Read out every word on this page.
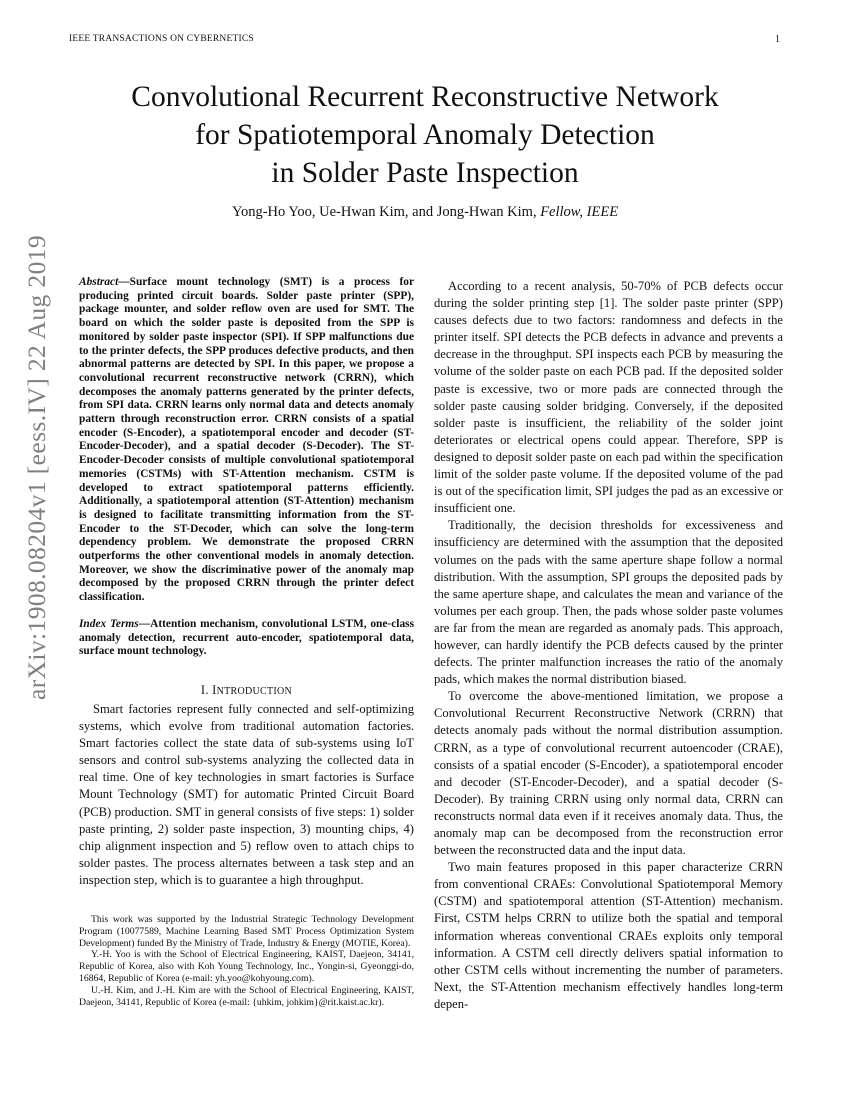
IEEE TRANSACTIONS ON CYBERNETICS	1
arXiv:1908.08204v1 [eess.IV] 22 Aug 2019
Convolutional Recurrent Reconstructive Network
for Spatiotemporal Anomaly Detection
in Solder Paste Inspection
Yong-Ho Yoo, Ue-Hwan Kim, and Jong-Hwan Kim, Fellow, IEEE

Abstract—Surface mount technology (SMT) is a process for producing printed circuit boards. Solder paste printer (SPP), package mounter, and solder reflow oven are used for SMT. The board on which the solder paste is deposited from the SPP is monitored by solder paste inspector (SPI). If SPP malfunctions due to the printer defects, the SPP produces defective products, and then abnormal patterns are detected by SPI. In this paper, we propose a convolutional recurrent reconstructive network (CRRN), which decomposes the anomaly patterns generated by the printer defects, from SPI data. CRRN learns only normal data and detects anomaly pattern through reconstruction error. CRRN consists of a spatial encoder (S-Encoder), a spatiotemporal encoder and decoder (ST-Encoder-Decoder), and a spatial decoder (S-Decoder). The ST-Encoder-Decoder consists of multiple convolutional spatiotemporal memories (CSTMs) with ST-Attention mechanism. CSTM is developed to extract spatiotemporal patterns efficiently. Additionally, a spatiotemporal attention (ST-Attention) mechanism is designed to facilitate transmitting information from the ST-Encoder to the ST-Decoder, which can solve the long-term dependency problem. We demonstrate the proposed CRRN outperforms the other conventional models in anomaly detection. Moreover, we show the discriminative power of the anomaly map decomposed by the proposed CRRN through the printer defect classification.

Index Terms—Attention mechanism, convolutional LSTM, one-class anomaly detection, recurrent auto-encoder, spatiotemporal data, surface mount technology.

I. INTRODUCTION

Smart factories represent fully connected and self-optimizing systems, which evolve from traditional automation factories. Smart factories collect the state data of sub-systems using IoT sensors and control sub-systems analyzing the collected data in real time. One of key technologies in smart factories is Surface Mount Technology (SMT) for automatic Printed Circuit Board (PCB) production. SMT in general consists of five steps: 1) solder paste printing, 2) solder paste inspection, 3) mounting chips, 4) chip alignment inspection and 5) reflow oven to attach chips to solder pastes. The process alternates between a task step and an inspection step, which is to guarantee a high throughput.

This work was supported by the Industrial Strategic Technology Development Program (10077589, Machine Learning Based SMT Process Optimization System Development) funded By the Ministry of Trade, Industry & Energy (MOTIE, Korea).

Y.-H. Yoo is with the School of Electrical Engineering, KAIST, Daejeon, 34141, Republic of Korea, also with Koh Young Technology, Inc., Yongin-si, Gyeonggi-do, 16864, Republic of Korea (e-mail: yh.yoo@kohyoung.com).

U.-H. Kim, and J.-H. Kim are with the School of Electrical Engineering, KAIST, Daejeon, 34141, Republic of Korea (e-mail: {uhkim, johkim}@rit.kaist.ac.kr).

According to a recent analysis, 50-70% of PCB defects occur during the solder printing step [1]. The solder paste printer (SPP) causes defects due to two factors: randomness and defects in the printer itself. SPI detects the PCB defects in advance and prevents a decrease in the throughput. SPI inspects each PCB by measuring the volume of the solder paste on each PCB pad. If the deposited solder paste is excessive, two or more pads are connected through the solder paste causing solder bridging. Conversely, if the deposited solder paste is insufficient, the reliability of the solder joint deteriorates or electrical opens could appear. Therefore, SPP is designed to deposit solder paste on each pad within the specification limit of the solder paste volume. If the deposited volume of the pad is out of the specification limit, SPI judges the pad as an excessive or insufficient one.

Traditionally, the decision thresholds for excessiveness and insufficiency are determined with the assumption that the deposited volumes on the pads with the same aperture shape follow a normal distribution. With the assumption, SPI groups the deposited pads by the same aperture shape, and calculates the mean and variance of the volumes per each group. Then, the pads whose solder paste volumes are far from the mean are regarded as anomaly pads. This approach, however, can hardly identify the PCB defects caused by the printer defects. The printer malfunction increases the ratio of the anomaly pads, which makes the normal distribution biased.

To overcome the above-mentioned limitation, we propose a Convolutional Recurrent Reconstructive Network (CRRN) that detects anomaly pads without the normal distribution assumption. CRRN, as a type of convolutional recurrent autoencoder (CRAE), consists of a spatial encoder (S-Encoder), a spatiotemporal encoder and decoder (ST-Encoder-Decoder), and a spatial decoder (S-Decoder). By training CRRN using only normal data, CRRN can reconstructs normal data even if it receives anomaly data. Thus, the anomaly map can be decomposed from the reconstruction error between the reconstructed data and the input data.

Two main features proposed in this paper characterize CRRN from conventional CRAEs: Convolutional Spatiotemporal Memory (CSTM) and spatiotemporal attention (ST-Attention) mechanism. First, CSTM helps CRRN to utilize both the spatial and temporal information whereas conventional CRAEs exploits only temporal information. A CSTM cell directly delivers spatial information to other CSTM cells without incrementing the number of parameters. Next, the ST-Attention mechanism effectively handles long-term depen-
